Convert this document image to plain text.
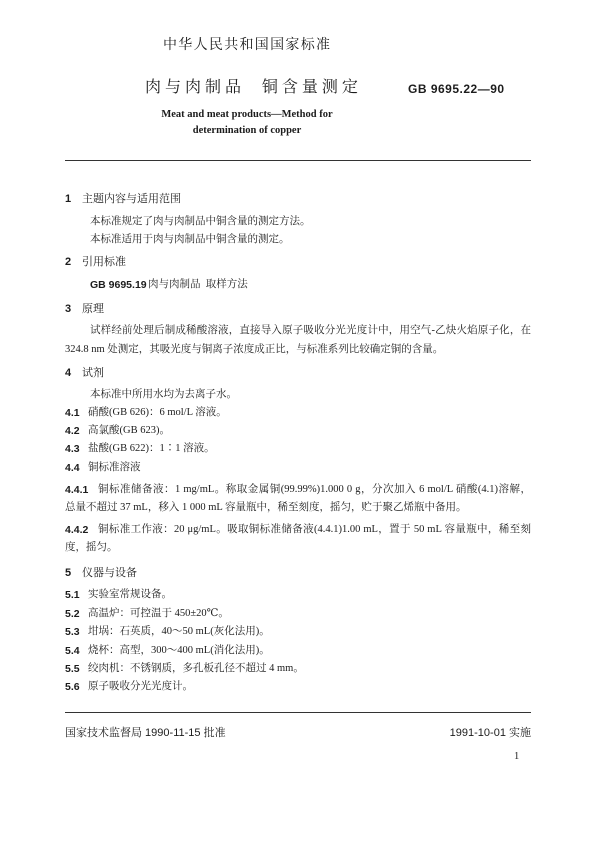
中华人民共和国国家标准
肉与肉制品  铜含量测定	GB 9695.22—90
Meat and meat products—Method for
determination of copper
1 主题内容与适用范围
本标准规定了肉与肉制品中铜含量的测定方法。
本标准适用于肉与肉制品中铜含量的测定。
2 引用标准
GB 9695.19 肉与肉制品  取样方法
3 原理
试样经前处理后制成稀酸溶液，直接导入原子吸收分光光度计中，用空气-乙炔火焰原子化，在
324.8 nm 处测定，其吸光度与铜离子浓度成正比，与标准系列比较确定铜的含量。
4 试剂
本标准中所用水均为去离子水。
4.1 硝酸(GB 626)：6 mol/L 溶液。
4.2 高氯酸(GB 623)。
4.3 盐酸(GB 622)：1∶1 溶液。
4.4 铜标准溶液
4.4.1 铜标准储备液：1 mg/mL。称取金属铜(99.99%)1.000 0 g，分次加入 6 mol/L 硝酸(4.1)溶解，
总量不超过 37 mL，移入 1 000 mL 容量瓶中，稀至刻度，摇匀，贮于聚乙烯瓶中备用。
4.4.2 铜标准工作液：20 μg/mL。吸取铜标准储备液(4.4.1)1.00 mL，置于 50 mL 容量瓶中，稀至刻
度，摇匀。
5 仪器与设备
5.1 实验室常规设备。
5.2 高温炉：可控温于 450±20℃。
5.3 坩埚：石英质，40～50 mL(灰化法用)。
5.4 烧杯：高型，300～400 mL(消化法用)。
5.5 绞肉机：不锈钢质，多孔板孔径不超过 4 mm。
5.6 原子吸收分光光度计。
国家技术监督局 1990-11-15 批准	1991-10-01 实施
1
